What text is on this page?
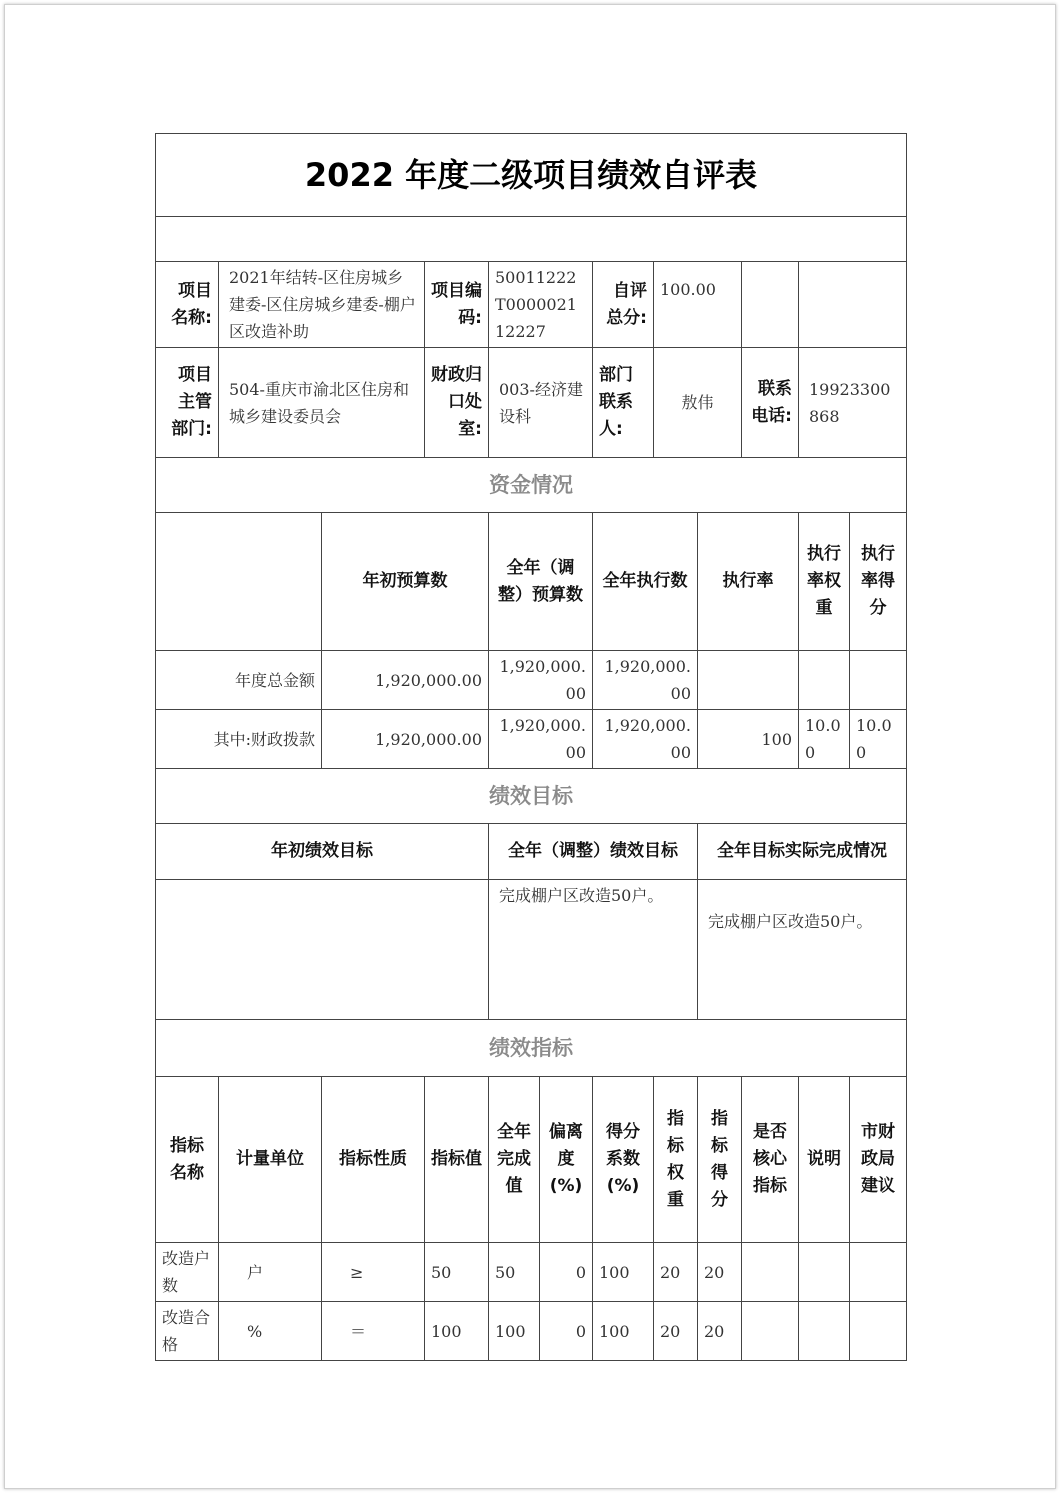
2022 年度二级项目绩效自评表											

项目名称:	2021年结转-区住房城乡建委-区住房城乡建委-棚户区改造补助		项目编码:	50011222T000002112227		自评总分:	100.00				
项目主管部门:	504-重庆市渝北区住房和城乡建设委员会		财政归口处室:	003-经济建设科		部门联系人:	敖伟		联系电话:	19923300868	
资金情况											
		年初预算数		全年（调整）预算数		全年执行数		执行率		执行率权重	执行率得分
年度总金额		1,920,000.00		1,920,000.00		1,920,000.00					
其中:财政拨款		1,920,000.00		1,920,000.00		1,920,000.00		100		10.00	10.00
绩效目标											
年初绩效目标				全年（调整）绩效目标				全年目标实际完成情况			
				完成棚户区改造50户。				完成棚户区改造50户。			
绩效指标											
指标名称	计量单位	指标性质	指标值	全年完成值	偏离度(%)	得分系数(%)	指标权重	指标得分	是否核心指标	说明	市财政局建议
改造户数	户	≥	50	50	0	100	20	20			
改造合格	%	＝	100	100	0	100	20	20			
